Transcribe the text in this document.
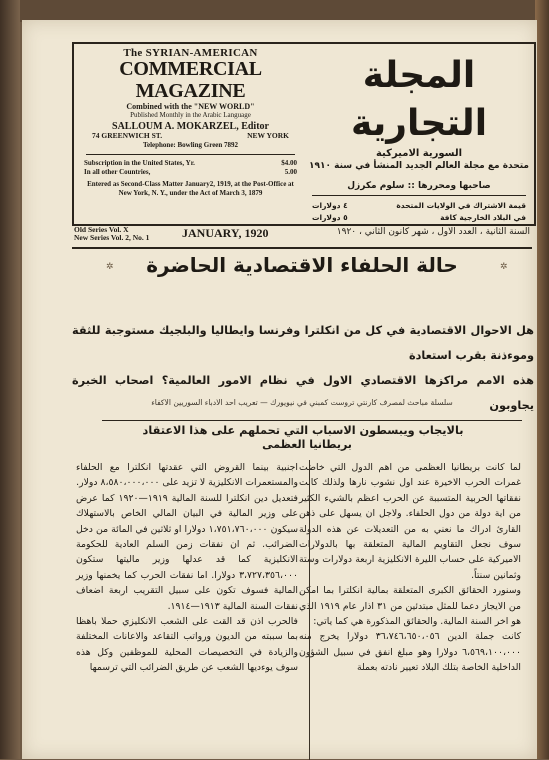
The SYRIAN-AMERICAN
COMMERCIAL MAGAZINE
Combined with the "NEW WORLD"
Published Monthly in the Arabic Language
SALLOUM A. MOKARZEL, Editor
74 GREENWICH ST.	NEW YORK
Telephone: Bowling Green 7892
Subscription in the United States, Yr.	$4.00
In all other Countries,	5.00
Entered as Second-Class Matter January2, 1919, at the Post-Office at New York, N. Y., under the Act of March 3, 1879
المجلة التجارية
السورية الاميركية
متحدة مع مجلة العالم الجديد المنشأ في سنة ١٩١٠
صاحبها ومحررها :: سلوم مكرزل
قيمة الاشتراك في الولايات المتحدة
٤ دولارات
في البلاد الخارجية كافة
٥ دولارات
Old Series Vol. X
New Series Vol. 2, No. 1	JANUARY, 1920	السنة الثانية ، العدد الاول ، شهر كانون الثاني ، ١٩٢٠
✲	✲
حالة الحلفاء الاقتصادية الحاضرة
هل الاحوال الاقتصادية في كل من انكلترا وفرنسا وايطاليا والبلجيك مستوجبة للثقة وموءذنة بقرب استعادة
هذه الامم مراكزها الاقتصادي الاول في نظام الامور العالمية؟ اصحاب الخبرة يجاوبون
بالايجاب ويبسطون الاسباب التي تحملهم على هذا الاعتقاد
سلسلة مباحث لمصرف كارنتي تروست كمبني في نيويورك — تعريب احد الادباء السوريين الاكفاء
بريطانيا العظمى

لما كانت بريطانيا العظمى من اهم الدول التي خاضت غمرات الحرب الاخيرة عند اول نشوب نارها ولذلك كانت نفقاتها الحربية المتسببة عن الحرب اعظم بالشيء الكثير من اية دولة من دول الحلفاء. ولاجل ان يسهل على ذهن القارئ ادراك ما نعني به من التعديلات عن هذه الدولة سوف نجعل التقاويم المالية المتعلقة بها بالدولارات الاميركية على حساب الليرة الانكليزية اربعة دولارات وستة وثمانين سنتاً.

وسنورد الحقائق الكبرى المتعلقة بمالية انكلترا بما امكن من الايجاز دعما للمثل مبتدئين من ٣١ اذار عام ١٩١٩ الذي هو اخر السنة المالية. والحقائق المذكورة هي كما ياتي:

كانت جملة الدين ٣٦،٧٤٦،٦٥٠،٠٥٦ دولارا يخرج منه ٦،٥٦٩،١٠٠،٠٠٠ دولارا وهو مبلغ انفق في سبيل الشؤون الداخلية الخاصة بتلك البلاد تعيير نادته بعملة

اجنبية بينما القروض التي عقدتها انكلترا مع الحلفاء والمستعمرات الانكليزية لا تزيد على ٨،٥٨٠،٠٠٠،٠٠٠ دولار.

فتعديل دين انكلترا للسنة المالية ١٩١٩—١٩٢٠ كما عرض على وزير المالية في البيان المالي الخاص بالاستهلاك سيكون ١،٧٥١،٧٦٠،٠٠٠ دولارا او ثلاثين في المائة من دخل الضرائب. ثم ان نفقات زمن السلم العادية للحكومة الانكليزية كما قد عدلها وزير ماليتها ستكون ٣،٧٢٧،٣٥٦،٠٠٠ دولارا. اما نفقات الحرب كما يخمنها وزير المالية فسوف تكون على سبيل التقريب اربعة اضعاف نفقات السنة المالية ١٩١٣—١٩١٤.

فالحرب اذن قد القت على الشعب الانكليزي حملا باهظا بما سببته من الديون ورواتب التقاعد والاعانات المختلفة والزيادة في التخصيصات المحلية للموظفين وكل هذه سوف يوءديها الشعب عن طريق الضرائب التي ترسمها
